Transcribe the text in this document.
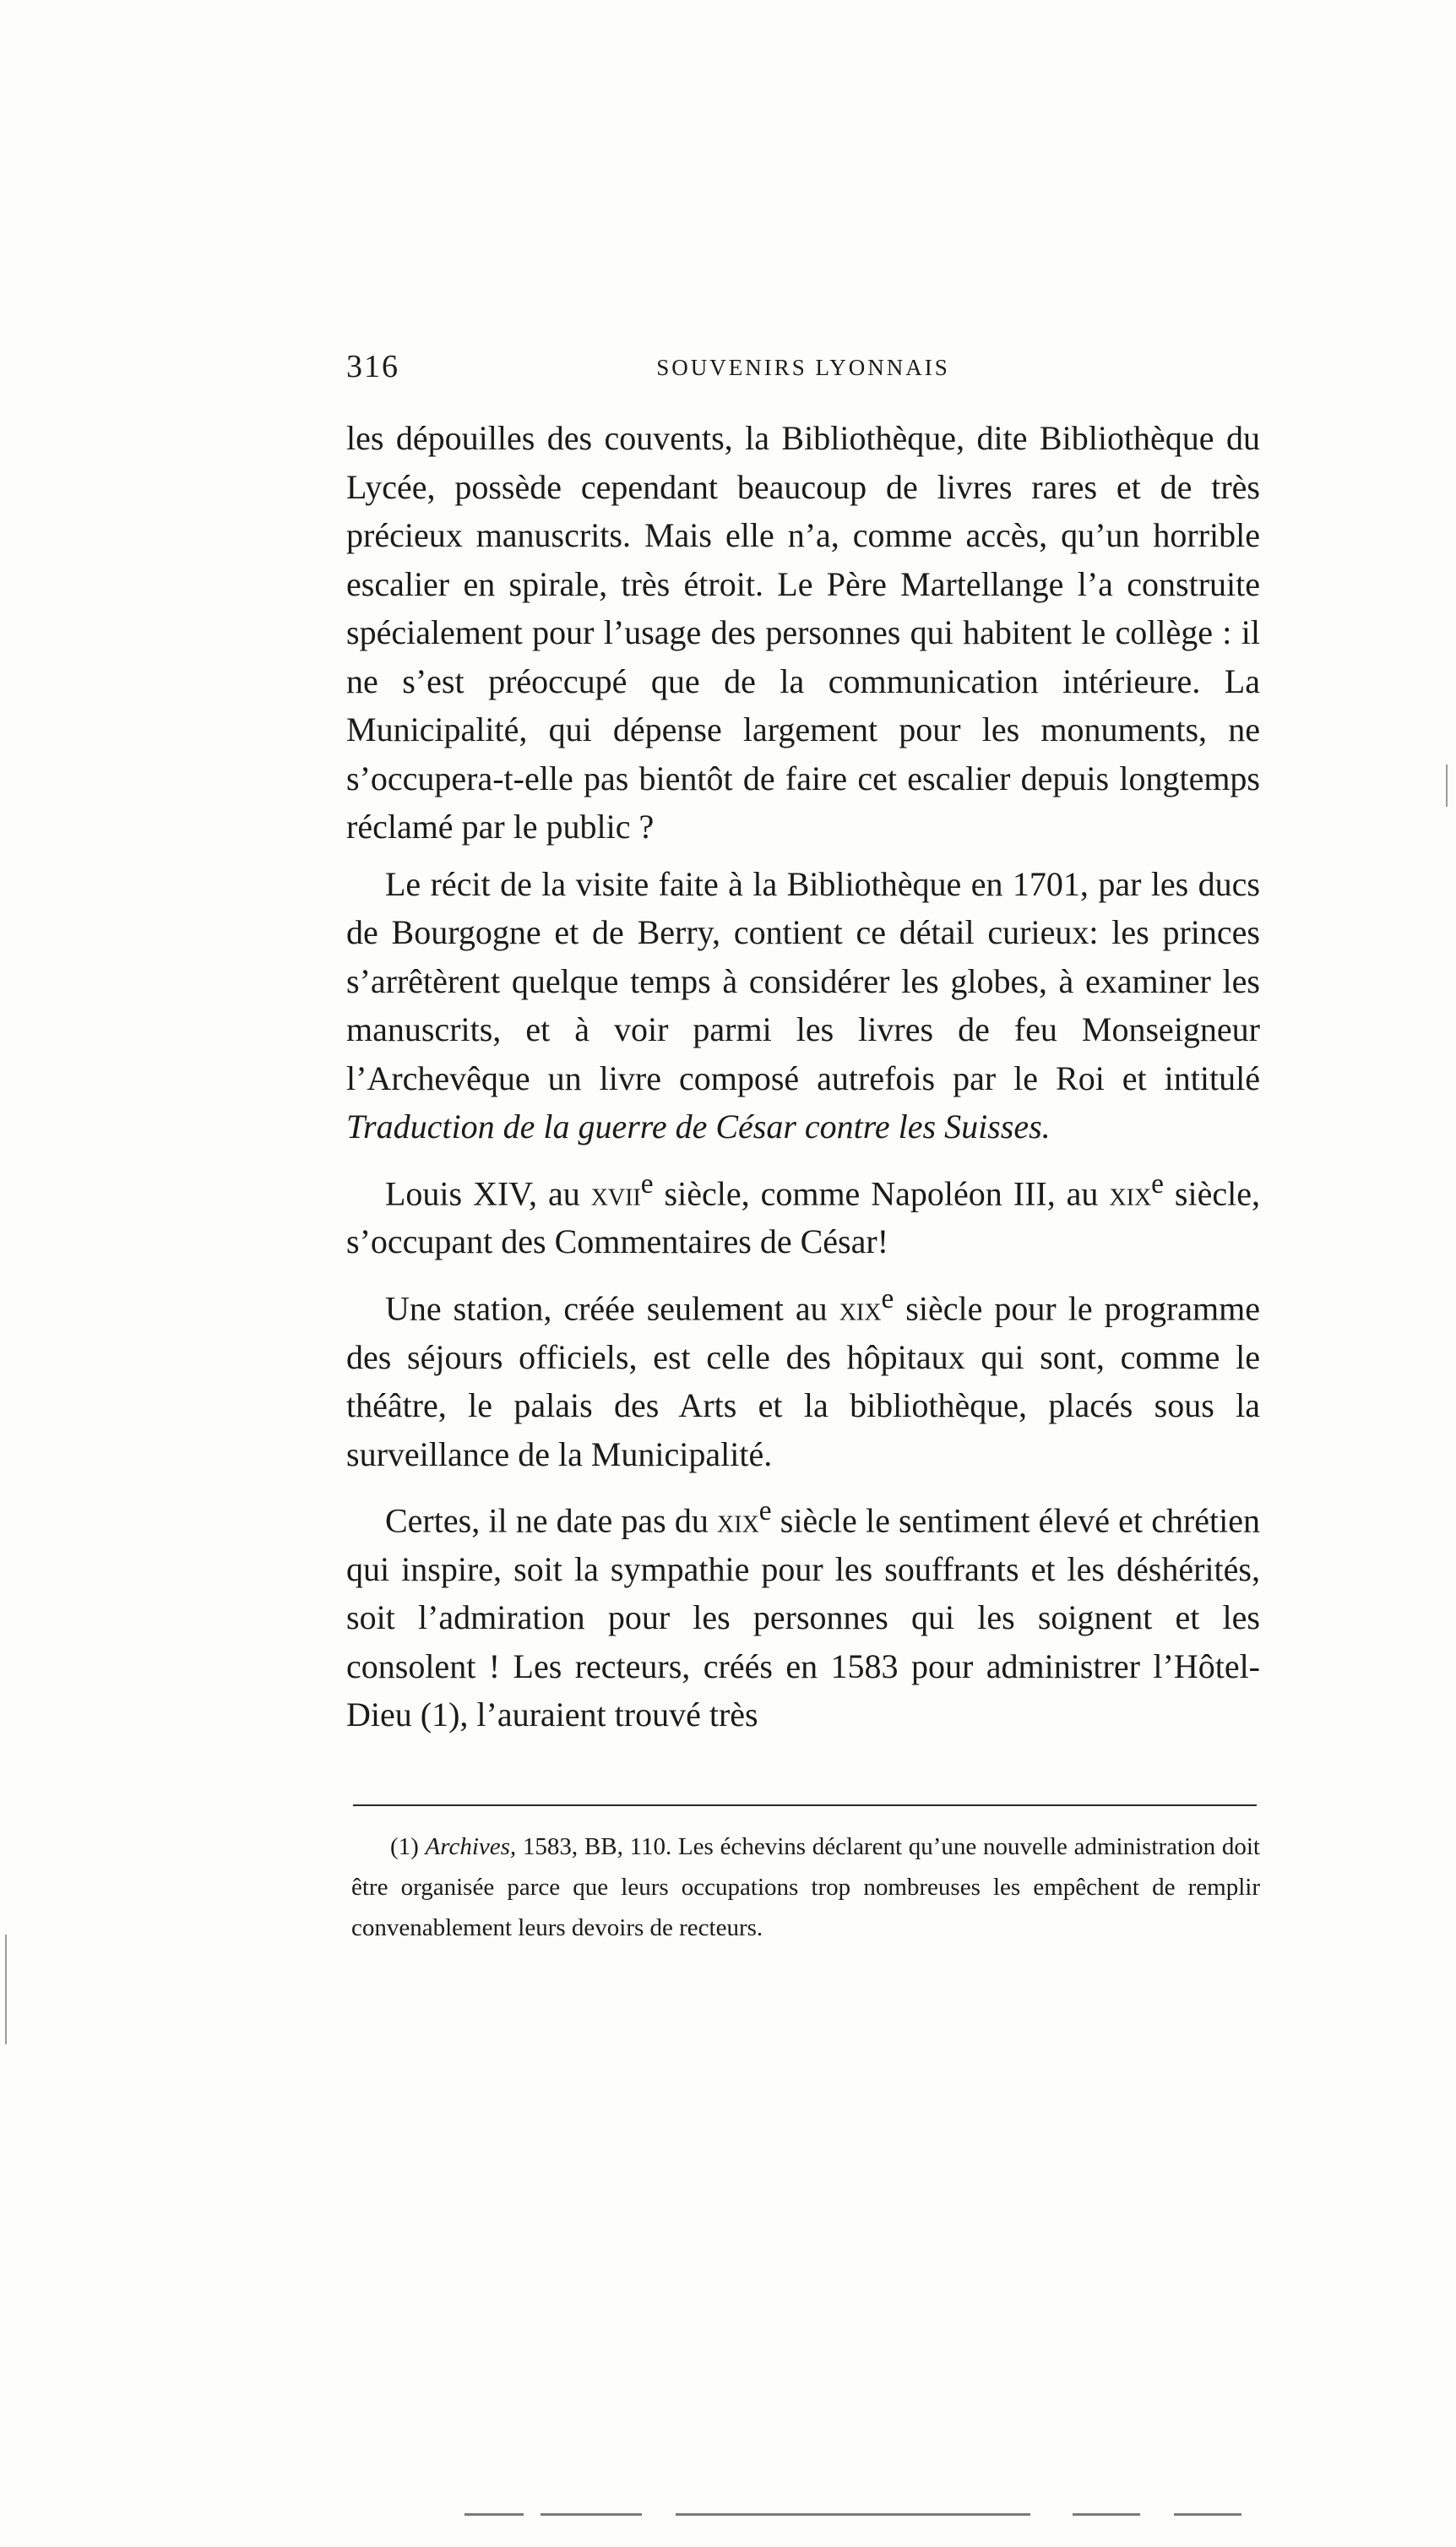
316	SOUVENIRS LYONNAIS

les dépouilles des couvents, la Bibliothèque, dite Bibliothèque du Lycée, possède cependant beaucoup de livres rares et de très précieux manuscrits. Mais elle n’a, comme accès, qu’un horrible escalier en spirale, très étroit. Le Père Martellange l’a construite spécialement pour l’usage des personnes qui habitent le collège : il ne s’est préoccupé que de la communication intérieure. La Municipalité, qui dépense largement pour les monuments, ne s’occupera-t-elle pas bientôt de faire cet escalier depuis longtemps réclamé par le public ?

Le récit de la visite faite à la Bibliothèque en 1701, par les ducs de Bourgogne et de Berry, contient ce détail curieux: les princes s’arrêtèrent quelque temps à considérer les globes, à examiner les manuscrits, et à voir parmi les livres de feu Monseigneur l’Archevêque un livre composé autrefois par le Roi et intitulé Traduction de la guerre de César contre les Suisses.

Louis XIV, au xvii$^e$ siècle, comme Napoléon III, au xix$^e$ siècle, s’occupant des Commentaires de César!

Une station, créée seulement au xix$^e$ siècle pour le programme des séjours officiels, est celle des hôpitaux qui sont, comme le théâtre, le palais des Arts et la bibliothèque, placés sous la surveillance de la Municipalité.

Certes, il ne date pas du xix$^e$ siècle le sentiment élevé et chrétien qui inspire, soit la sympathie pour les souffrants et les déshérités, soit l’admiration pour les personnes qui les soignent et les consolent ! Les recteurs, créés en 1583 pour administrer l’Hôtel-Dieu (1), l’auraient trouvé très

(1) Archives, 1583, BB, 110. Les échevins déclarent qu’une nouvelle administration doit être organisée parce que leurs occupations trop nombreuses les empêchent de remplir convenablement leurs devoirs de recteurs.
